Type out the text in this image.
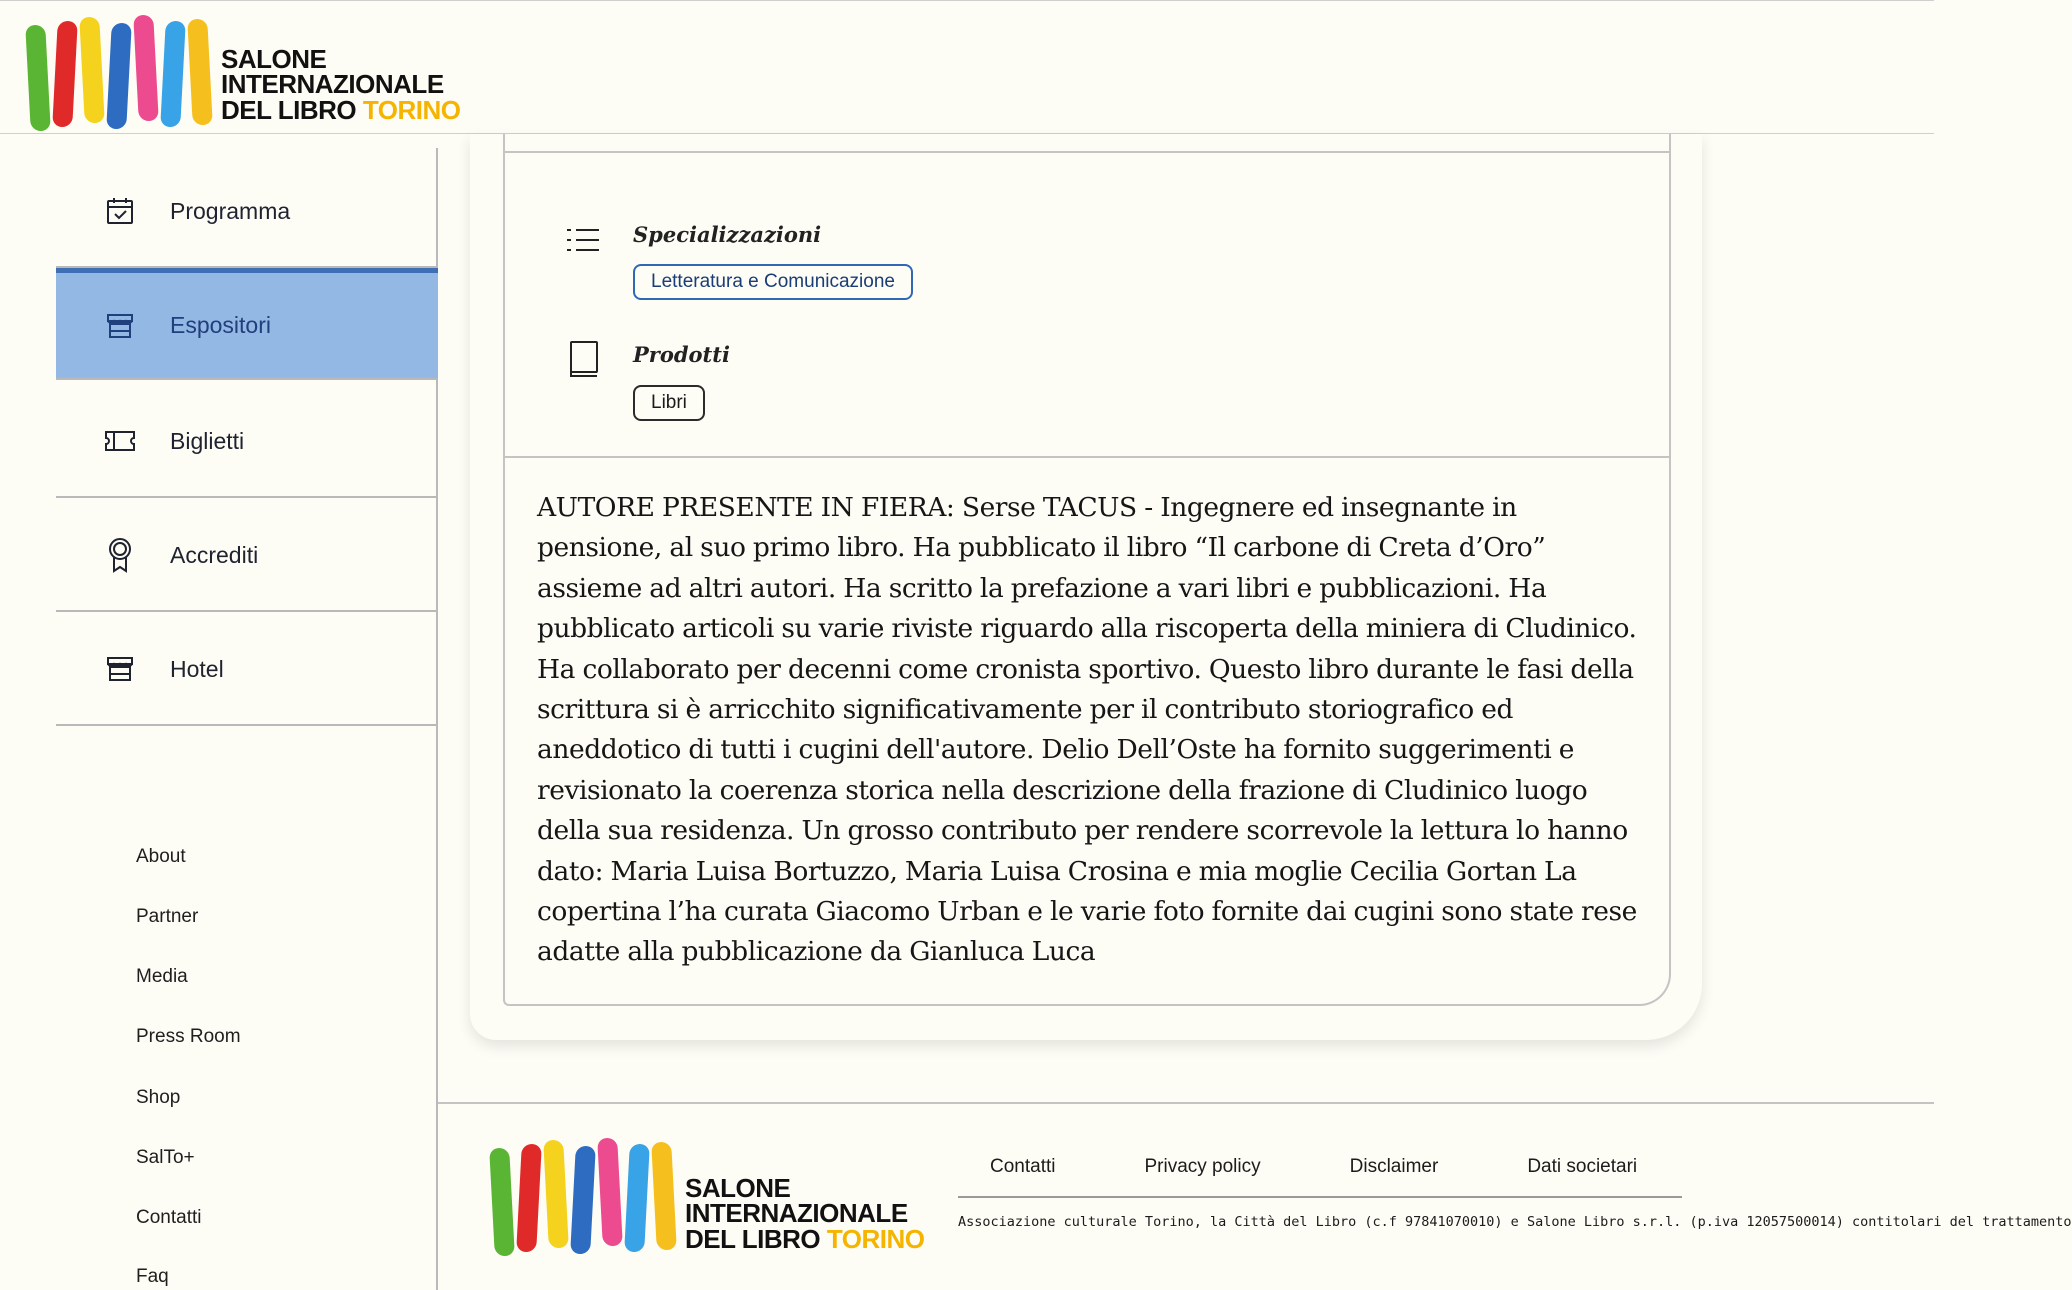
SALONE
INTERNAZIONALE
DEL LIBRO TORINO
Programma
Espositori
Biglietti
Accrediti
Hotel
About
Partner
Media
Press Room
Shop
SalTo+
Contatti
Faq
Specializzazioni
Letteratura e Comunicazione
Prodotti
Libri
AUTORE PRESENTE IN FIERA: Serse TACUS - Ingegnere ed insegnante in pensione, al suo primo libro. Ha pubblicato il libro “Il carbone di Creta d’Oro” assieme ad altri autori. Ha scritto la prefazione a vari libri e pubblicazioni. Ha pubblicato articoli su varie riviste riguardo alla riscoperta della miniera di Cludinico. Ha collaborato per decenni come cronista sportivo. Questo libro durante le fasi della scrittura si è arricchito significativamente per il contributo storiografico ed aneddotico di tutti i cugini dell'autore. Delio Dell’Oste ha fornito suggerimenti e revisionato la coerenza storica nella descrizione della frazione di Cludinico luogo della sua residenza. Un grosso contributo per rendere scorrevole la lettura lo hanno dato: Maria Luisa Bortuzzo, Maria Luisa Crosina e mia moglie Cecilia Gortan La copertina l’ha curata Giacomo Urban e le varie foto fornite dai cugini sono state rese adatte alla pubblicazione da Gianluca Luca
SALONE
INTERNAZIONALE
DEL LIBRO TORINO
Contatti	Privacy policy	Disclaimer	Dati societari
Associazione culturale Torino, la Città del Libro (c.f 97841070010) e Salone Libro s.r.l. (p.iva 12057500014) contitolari del trattamento
